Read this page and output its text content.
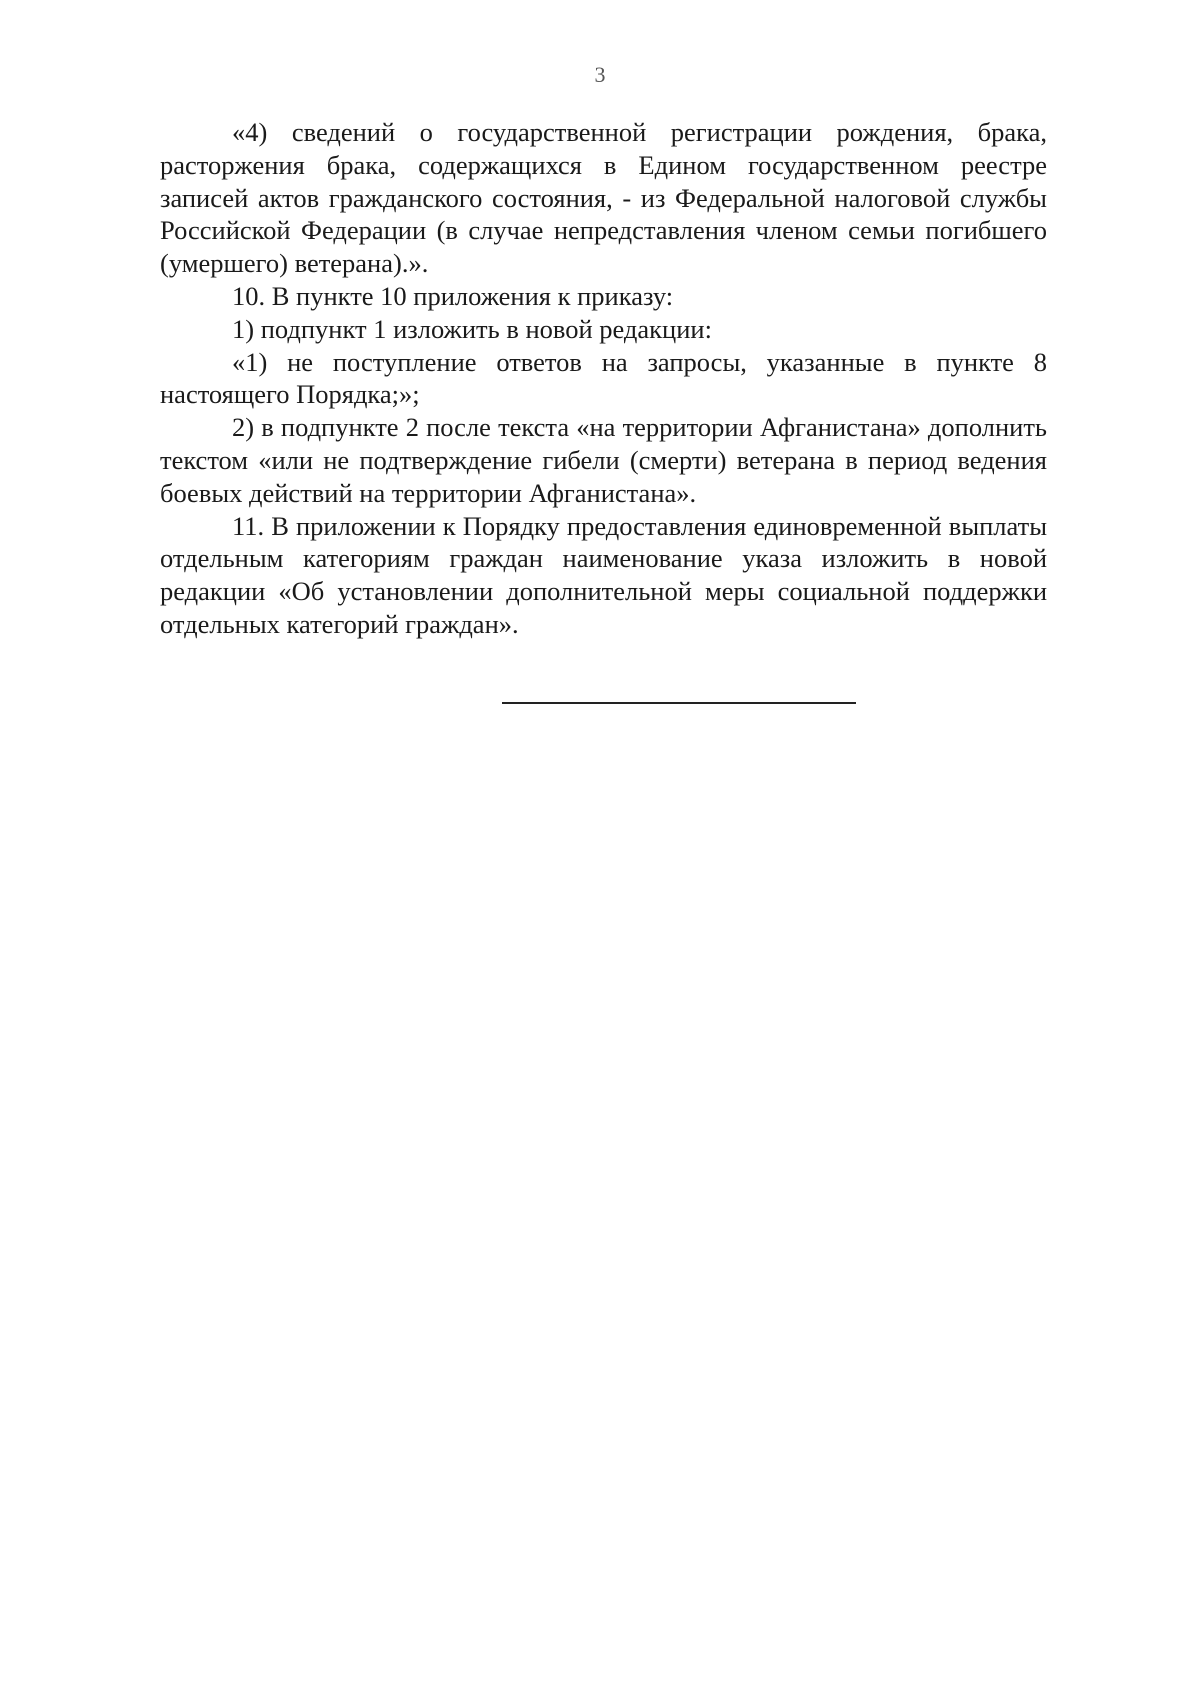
3

«4) сведений о государственной регистрации рождения, брака, расторжения брака, содержащихся в Едином государственном реестре записей актов гражданского состояния, - из Федеральной налоговой службы Российской Федерации (в случае непредставления членом семьи погибшего (умершего) ветерана).».

10. В пункте 10 приложения к приказу:

1) подпункт 1 изложить в новой редакции:

«1) не поступление ответов на запросы, указанные в пункте 8 настоящего Порядка;»;

2) в подпункте 2 после текста «на территории Афганистана» дополнить текстом «или не подтверждение гибели (смерти) ветерана в период ведения боевых действий на территории Афганистана».

11. В приложении к Порядку предоставления единовременной выплаты отдельным категориям граждан наименование указа изложить в новой редакции «Об установлении дополнительной меры социальной поддержки отдельных категорий граждан».
